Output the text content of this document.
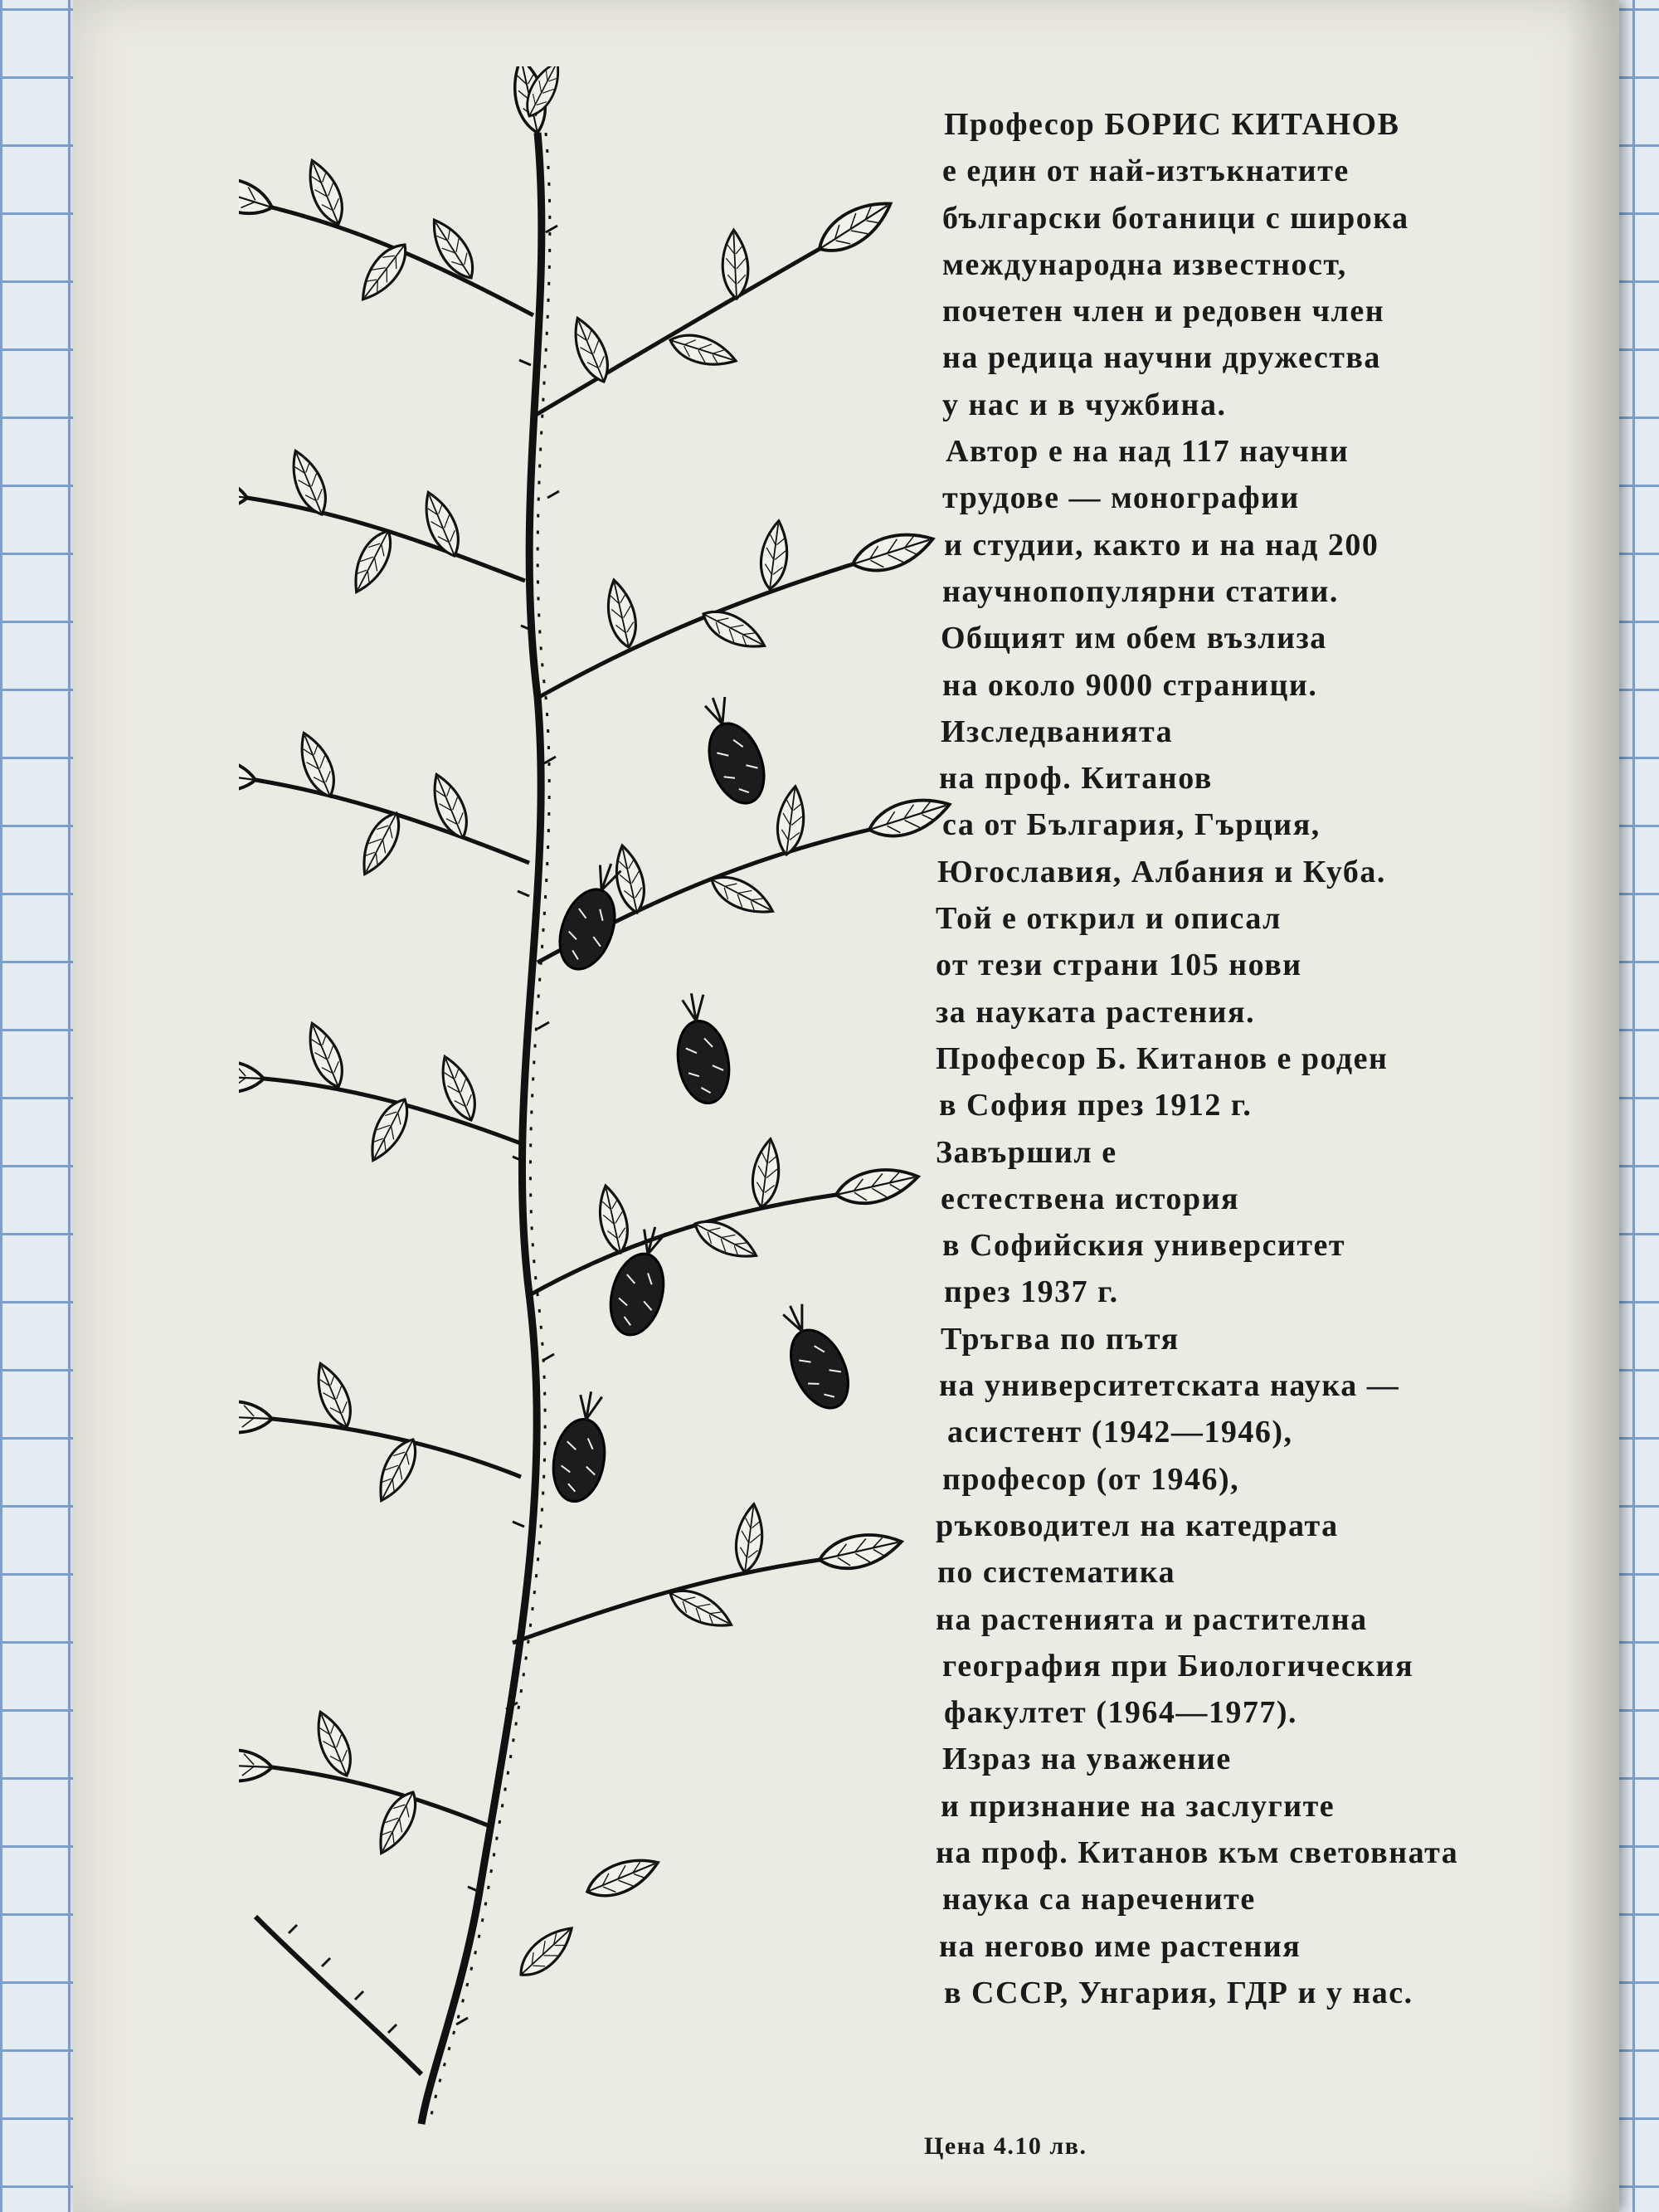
Професор БОРИС КИТАНОВ
е един от най-изтъкнатите
български ботаници с широка
международна известност,
почетен член и редовен член
на редица научни дружества
у нас и в чужбина.
Автор е на над 117 научни
трудове — монографии
и студии, както и на над 200
научнопопулярни статии.
Общият им обем възлиза
на около 9000 страници.
Изследванията
на проф. Китанов
са от България, Гърция,
Югославия, Албания и Куба.
Той е открил и описал
от тези страни 105 нови
за науката растения.
Професор Б. Китанов е роден
в София през 1912 г.
Завършил е
естествена история
в Софийския университет
през 1937 г.
Тръгва по пътя
на университетската наука —
асистент (1942—1946),
професор (от 1946),
ръководител на катедрата
по систематика
на растенията и растителна
география при Биологическия
факултет (1964—1977).
Израз на уважение
и признание на заслугите
на проф. Китанов към световната
наука са наречените
на негово име растения
в СССР, Унгария, ГДР и у нас.
Цена 4.10 лв.
